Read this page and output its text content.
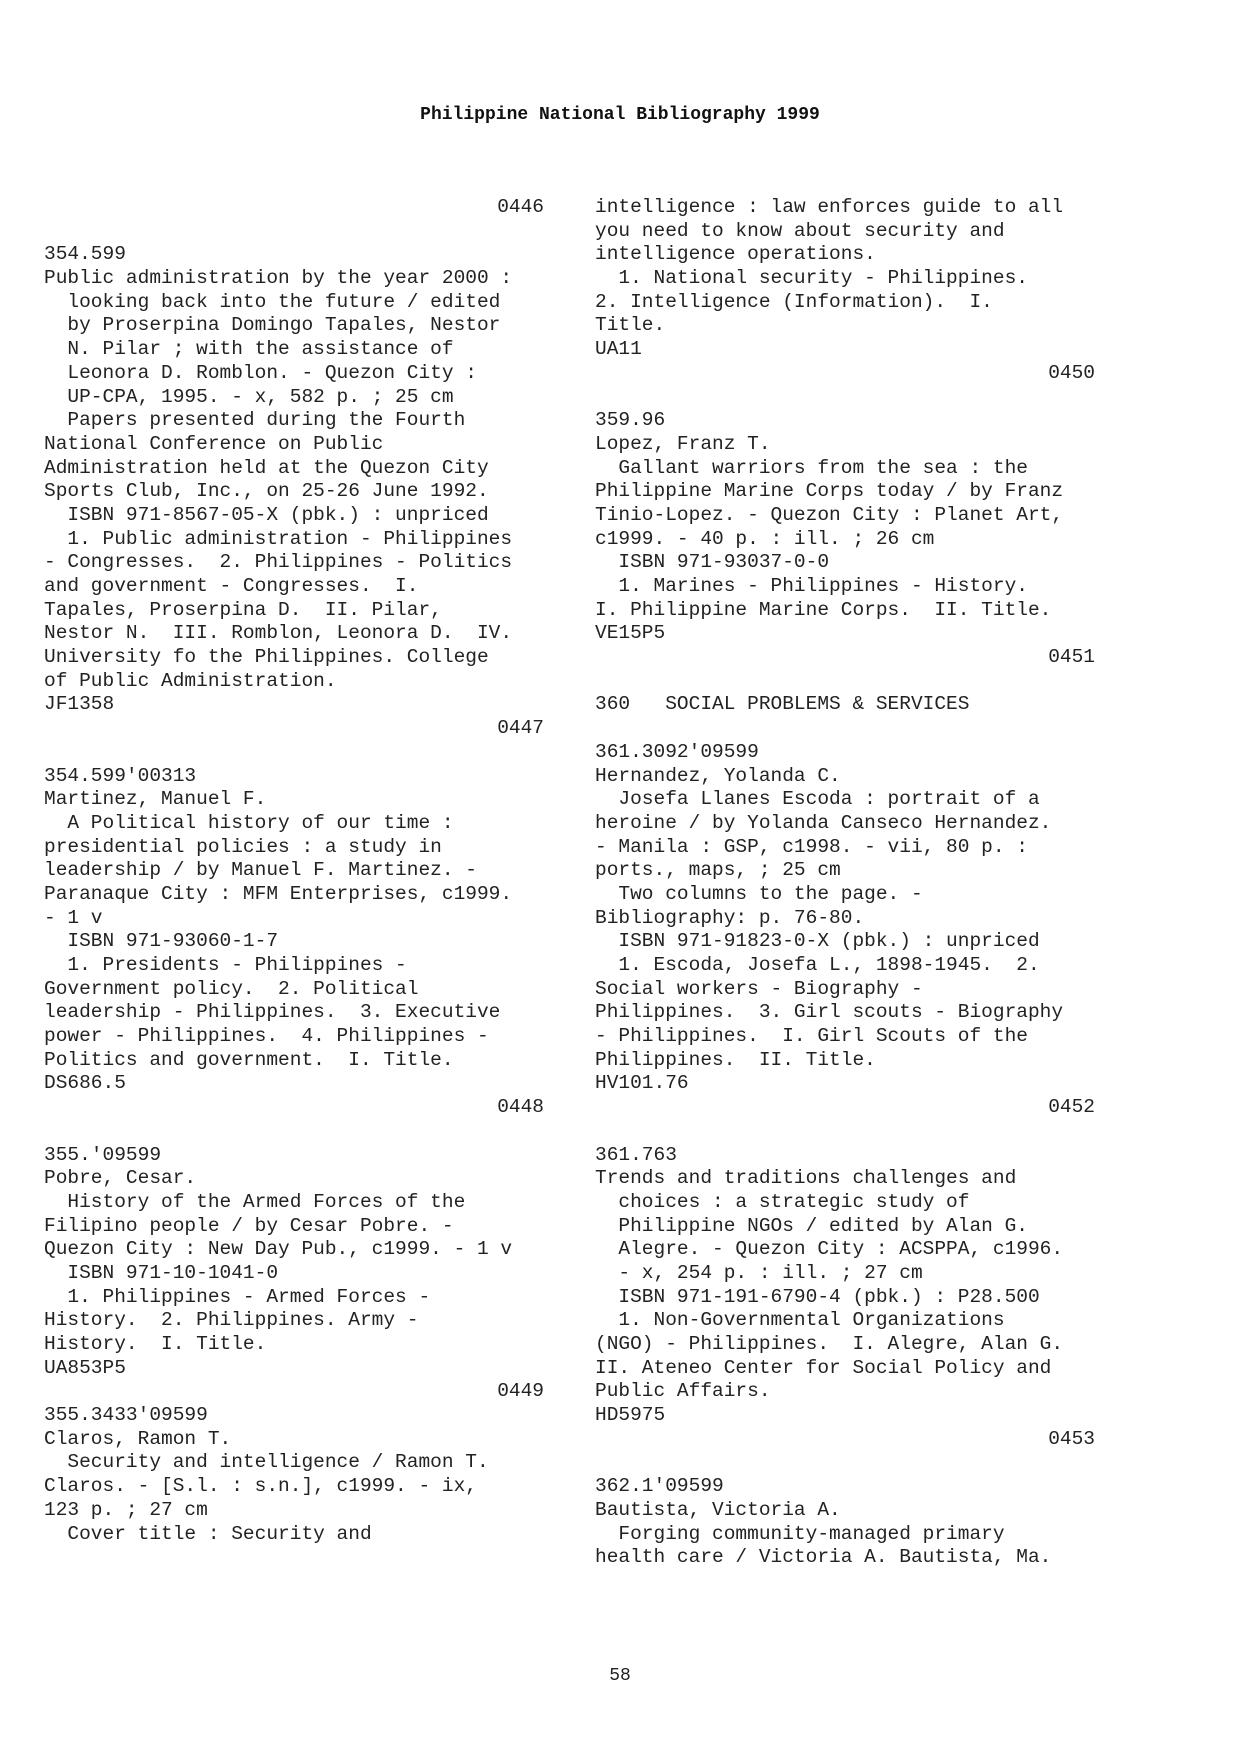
Philippine National Bibliography 1999
0446
354.599
Public administration by the year 2000 :
looking back into the future / edited
by Proserpina Domingo Tapales, Nestor
N. Pilar ; with the assistance of
Leonora D. Romblon. - Quezon City :
UP-CPA, 1995. - x, 582 p. ; 25 cm
Papers presented during the Fourth
National Conference on Public
Administration held at the Quezon City
Sports Club, Inc., on 25-26 June 1992.
ISBN 971-8567-05-X (pbk.) : unpriced
1. Public administration - Philippines
- Congresses.  2. Philippines - Politics
and government - Congresses.  I.
Tapales, Proserpina D.  II. Pilar,
Nestor N.  III. Romblon, Leonora D.  IV.
University fo the Philippines. College
of Public Administration.
JF1358
0447
354.599'00313
Martinez, Manuel F.
A Political history of our time :
presidential policies : a study in
leadership / by Manuel F. Martinez. -
Paranaque City : MFM Enterprises, c1999.
- 1 v
ISBN 971-93060-1-7
1. Presidents - Philippines -
Government policy.  2. Political
leadership - Philippines.  3. Executive
power - Philippines.  4. Philippines -
Politics and government.  I. Title.
DS686.5
0448
355.'09599
Pobre, Cesar.
History of the Armed Forces of the
Filipino people / by Cesar Pobre. -
Quezon City : New Day Pub., c1999. - 1 v
ISBN 971-10-1041-0
1. Philippines - Armed Forces -
History.  2. Philippines. Army -
History.  I. Title.
UA853P5
0449
355.3433'09599
Claros, Ramon T.
Security and intelligence / Ramon T.
Claros. - [S.l. : s.n.], c1999. - ix,
123 p. ; 27 cm
Cover title : Security and
intelligence : law enforces guide to all
you need to know about security and
intelligence operations.
1. National security - Philippines.
2. Intelligence (Information).  I.
Title.
UA11
0450
359.96
Lopez, Franz T.
Gallant warriors from the sea : the
Philippine Marine Corps today / by Franz
Tinio-Lopez. - Quezon City : Planet Art,
c1999. - 40 p. : ill. ; 26 cm
ISBN 971-93037-0-0
1. Marines - Philippines - History.
I. Philippine Marine Corps.  II. Title.
VE15P5
0451
360   SOCIAL PROBLEMS & SERVICES
361.3092'09599
Hernandez, Yolanda C.
Josefa Llanes Escoda : portrait of a
heroine / by Yolanda Canseco Hernandez.
- Manila : GSP, c1998. - vii, 80 p. :
ports., maps, ; 25 cm
Two columns to the page. -
Bibliography: p. 76-80.
ISBN 971-91823-0-X (pbk.) : unpriced
1. Escoda, Josefa L., 1898-1945.  2.
Social workers - Biography -
Philippines.  3. Girl scouts - Biography
- Philippines.  I. Girl Scouts of the
Philippines.  II. Title.
HV101.76
0452
361.763
Trends and traditions challenges and
choices : a strategic study of
Philippine NGOs / edited by Alan G.
Alegre. - Quezon City : ACSPPA, c1996.
- x, 254 p. : ill. ; 27 cm
ISBN 971-191-6790-4 (pbk.) : P28.500
1. Non-Governmental Organizations
(NGO) - Philippines.  I. Alegre, Alan G.
II. Ateneo Center for Social Policy and
Public Affairs.
HD5975
0453
362.1'09599
Bautista, Victoria A.
Forging community-managed primary
health care / Victoria A. Bautista, Ma.
58
